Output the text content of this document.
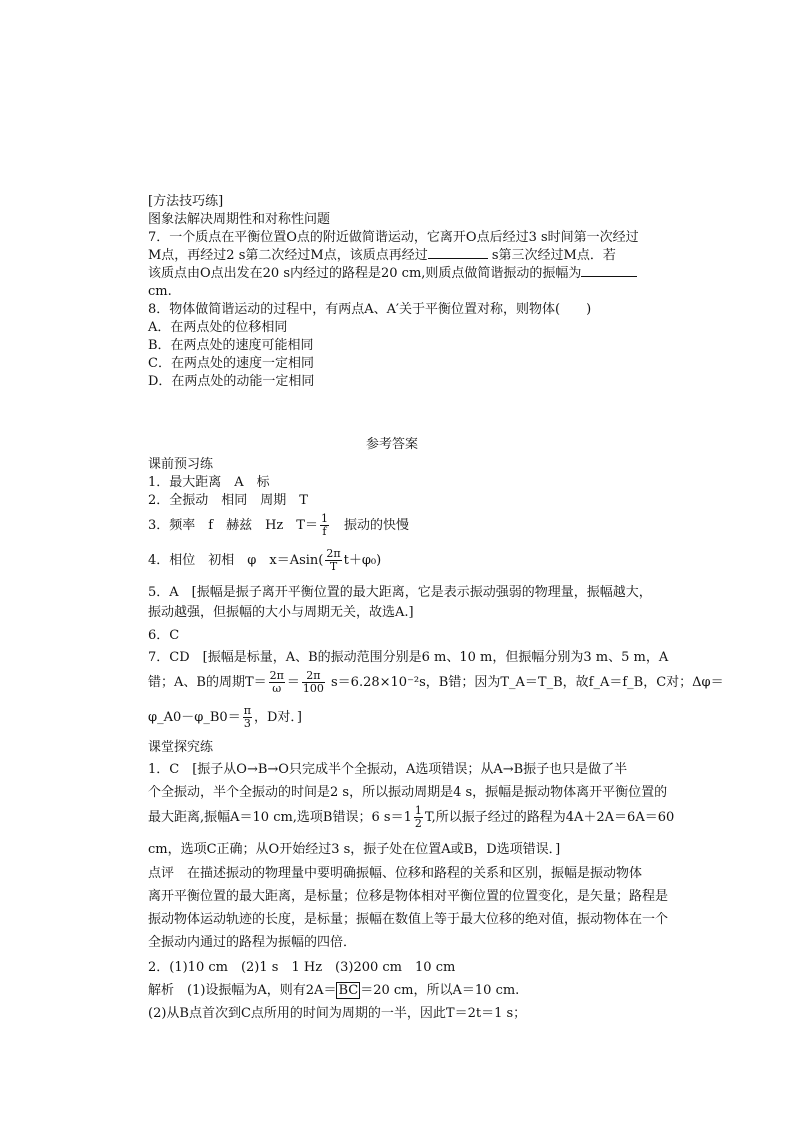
[方法技巧练]
图象法解决周期性和对称性问题
7．一个质点在平衡位置O点的附近做简谐运动，它离开O点后经过3 s时间第一次经过
M点，再经过2 s第二次经过M点，该质点再经过	s第三次经过M点．若
该质点由O点出发在20 s内经过的路程是20 cm,则质点做简谐振动的振幅为
cm.
8．物体做简谐运动的过程中，有两点A、A′关于平衡位置对称，则物体(　　)
A．在两点处的位移相同
B．在两点处的速度可能相同
C．在两点处的速度一定相同
D．在两点处的动能一定相同
参考答案
课前预习练
1．最大距离　A　标
2．全振动　相同　周期　T
3．频率　f　赫兹　Hz　$T= \frac{1}{f}$
　 振动的快慢
4．相位　初相　φ　$x=Asin( \frac{2\pi}{T} t+\varphi_0)$
5．A　[振幅是振子离开平衡位置的最大距离，它是表示振动强弱的物理量，振幅越大，
振动越强，但振幅的大小与周期无关，故选A.]
6．C
7．CD　[振幅是标量，A、B的振动范围分别是6 m、10 m，但振幅分别为3 m、5 m，A
错；A、B的周期$T= \frac{2\pi}{\omega} = \frac{2\pi}{100} s=6.28\times 10^{-2}s$，B错；因为T_A＝T_B，故f_A＝f_B，C对；Δφ＝
φ_A0－φ_B0＝ $\frac{\pi}{3}$ ，D对．]
课堂探究练
1．C　[振子从O→B→O只完成半个全振动，A选项错误；从A→B振子也只是做了半
个全振动，半个全振动的时间是2 s，所以振动周期是4 s，振幅是振动物体离开平衡位置的
最大距离,振幅A＝10 cm,选项B错误；6 $s=1 \frac{1}{2} T$,所以振子经过的路程为4A＋2A＝6A＝60
cm，选项C正确；从O开始经过3 s，振子处在位置A或B，D选项错误．]
点评　在描述振动的物理量中要明确振幅、位移和路程的关系和区别，振幅是振动物体
离开平衡位置的最大距离，是标量；位移是物体相对平衡位置的位置变化，是矢量；路程是
振动物体运动轨迹的长度，是标量；振幅在数值上等于最大位移的绝对值，振动物体在一个
全振动内通过的路程为振幅的四倍．
2．(1)10 cm　(2)1 s　1 Hz　(3)200 cm　10 cm
解析　(1)设振幅为A，则有2A＝ BC ＝20 cm，所以A＝10 cm.
(2)从B点首次到C点所用的时间为周期的一半，因此T＝2t＝1 s；
